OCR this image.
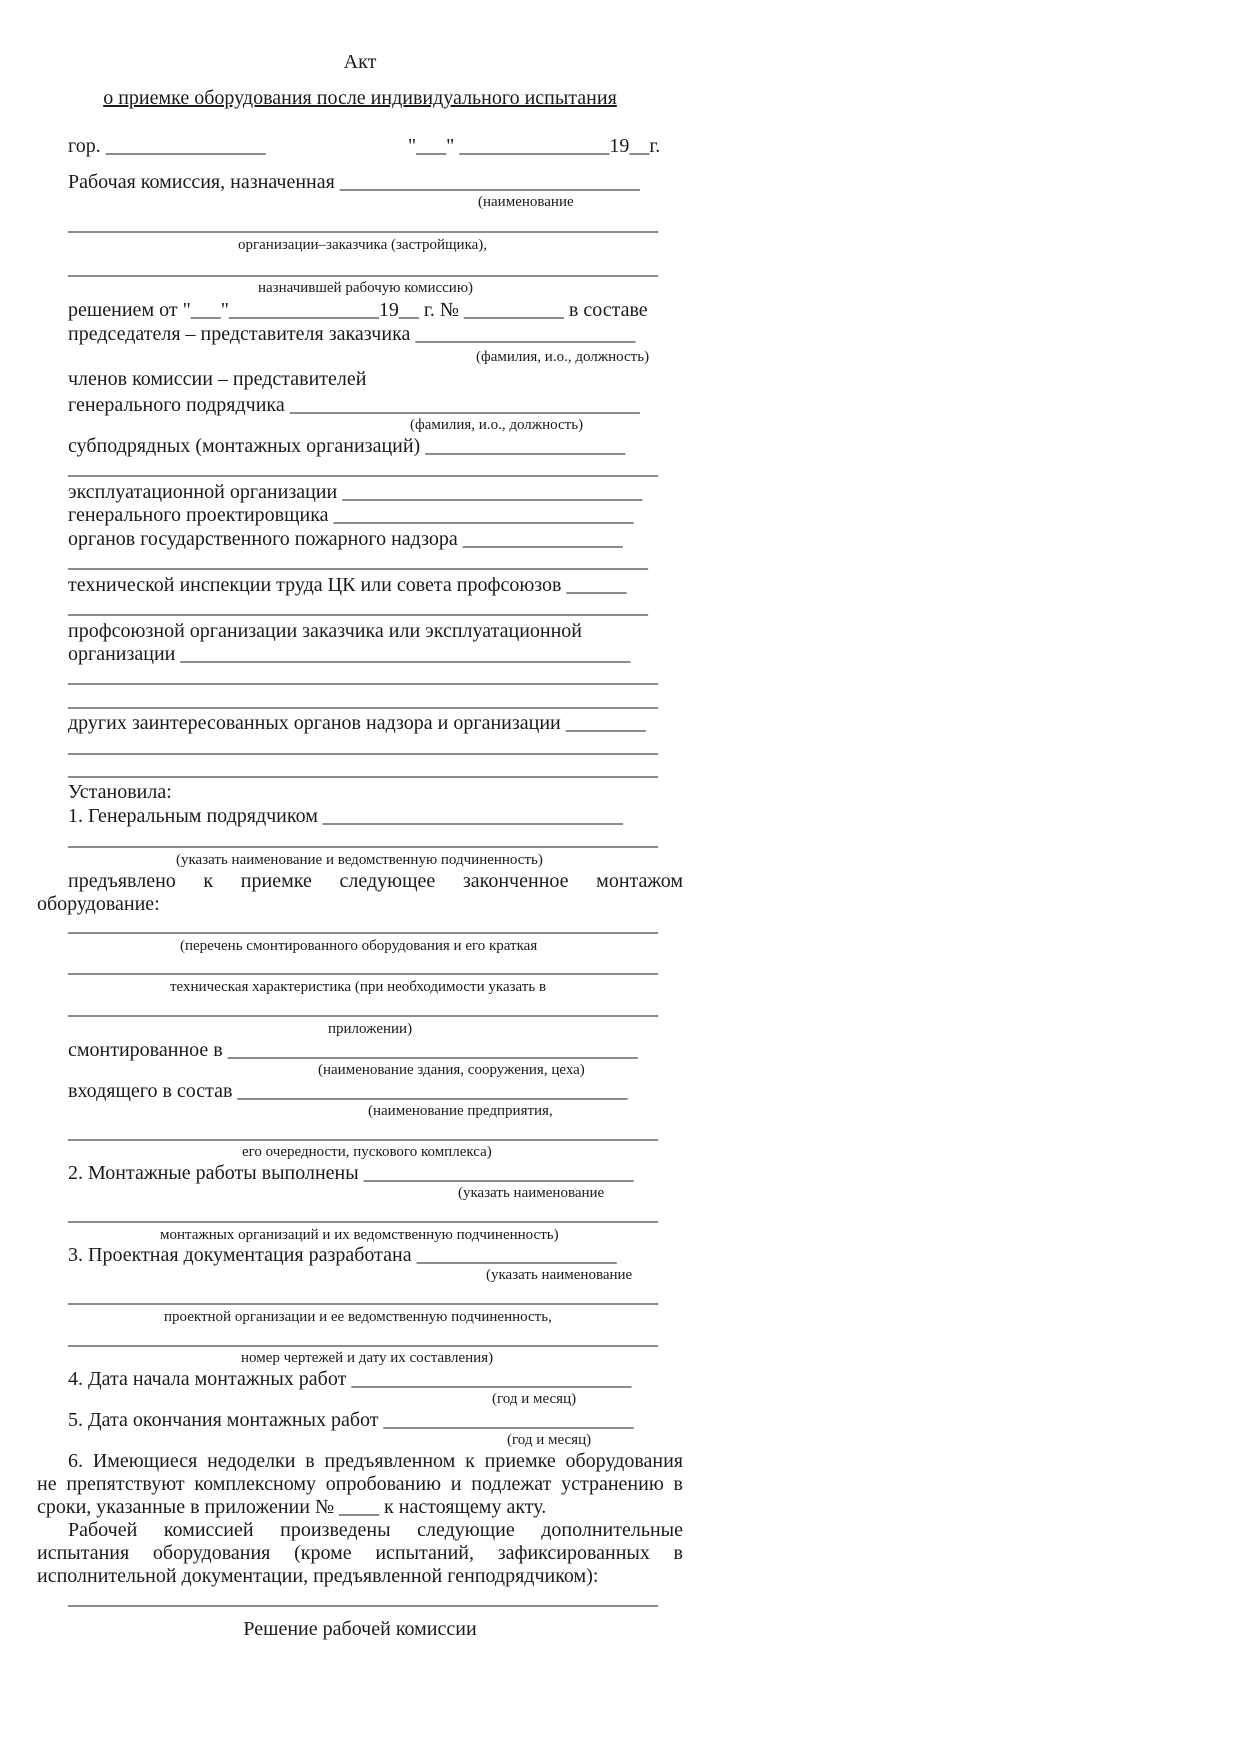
Акт
о приемке оборудования после индивидуального испытания
гор. ________________	"___" _______________19__г.
Рабочая комиссия, назначенная ______________________________
(наименование
___________________________________________________________
организации–заказчика (застройщика),
___________________________________________________________
назначившей рабочую комиссию)
решением от "___"_______________19__ г. № __________ в составе
председателя – представителя заказчика ______________________
(фамилия, и.о., должность)
членов комиссии – представителей
генерального подрядчика ___________________________________
(фамилия, и.о., должность)
субподрядных (монтажных организаций) ____________________
___________________________________________________________
эксплуатационной организации ______________________________
генерального проектировщика ______________________________
органов государственного пожарного надзора ________________
__________________________________________________________
технической инспекции труда ЦК или совета профсоюзов ______
__________________________________________________________
профсоюзной организации заказчика или эксплуатационной
организации _____________________________________________
___________________________________________________________
___________________________________________________________
других заинтересованных органов надзора и организации ________
___________________________________________________________
___________________________________________________________
Установила:
1. Генеральным подрядчиком ______________________________
___________________________________________________________
(указать наименование и ведомственную подчиненность)
предъявлено к приемке следующее законченное монтажом
оборудование:
___________________________________________________________
(перечень смонтированного оборудования и его краткая
___________________________________________________________
техническая характеристика (при необходимости указать в
___________________________________________________________
приложении)
смонтированное в _________________________________________
(наименование здания, сооружения, цеха)
входящего в состав _______________________________________
(наименование предприятия,
___________________________________________________________
его очередности, пускового комплекса)
2. Монтажные работы выполнены ___________________________
(указать наименование
___________________________________________________________
монтажных организаций и их ведомственную подчиненность)
3. Проектная документация разработана ____________________
(указать наименование
___________________________________________________________
проектной организации и ее ведомственную подчиненность,
___________________________________________________________
номер чертежей и дату их составления)
4. Дата начала монтажных работ ____________________________
(год и месяц)
5. Дата окончания монтажных работ _________________________
(год и месяц)
6. Имеющиеся недоделки в предъявленном к приемке оборудования
не препятствуют комплексному опробованию и подлежат устранению в
сроки, указанные в приложении № ____ к настоящему акту.
Рабочей комиссией произведены следующие дополнительные
испытания оборудования (кроме испытаний, зафиксированных в
исполнительной документации, предъявленной генподрядчиком):
___________________________________________________________
Решение рабочей комиссии
